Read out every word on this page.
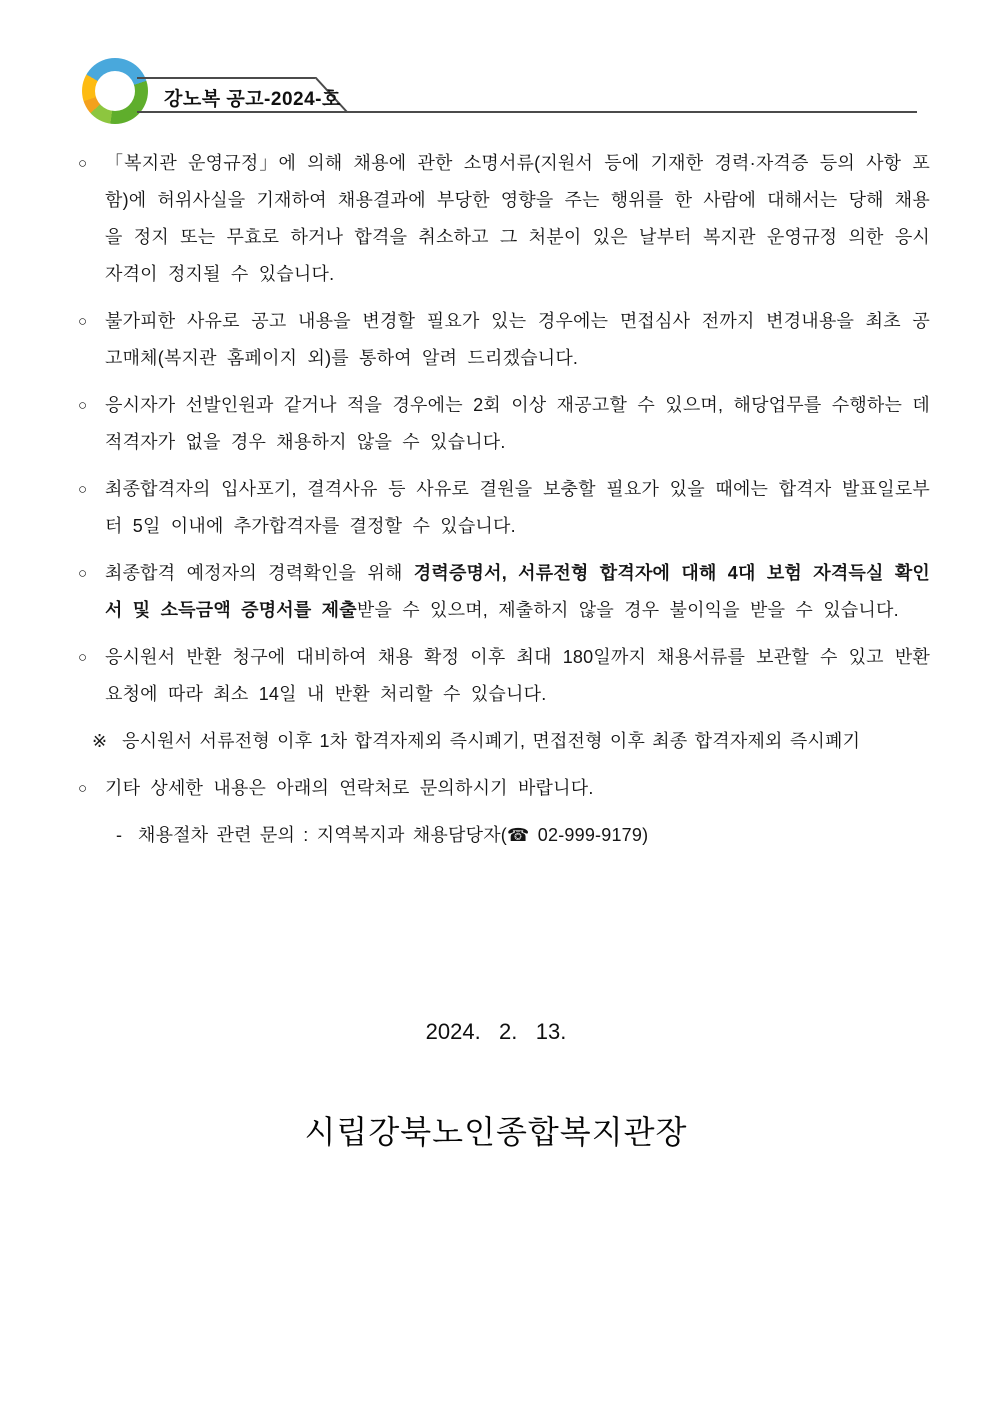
강노복 공고-2024-호
○ 「복지관 운영규정」에 의해 채용에 관한 소명서류(지원서 등에 기재한 경력·자격증 등의 사항 포함)에 허위사실을 기재하여 채용결과에 부당한 영향을 주는 행위를 한 사람에 대해서는 당해 채용을 정지 또는 무효로 하거나 합격을 취소하고 그 처분이 있은 날부터 복지관 운영규정 의한 응시자격이 정지될 수 있습니다.
○ 불가피한 사유로 공고 내용을 변경할 필요가 있는 경우에는 면접심사 전까지 변경내용을 최초 공고매체(복지관 홈페이지 외)를 통하여 알려 드리겠습니다.
○ 응시자가 선발인원과 같거나 적을 경우에는 2회 이상 재공고할 수 있으며, 해당업무를 수행하는 데 적격자가 없을 경우 채용하지 않을 수 있습니다.
○ 최종합격자의 입사포기, 결격사유 등 사유로 결원을 보충할 필요가 있을 때에는 합격자 발표일로부터 5일 이내에 추가합격자를 결정할 수 있습니다.
○ 최종합격 예정자의 경력확인을 위해 경력증명서, 서류전형 합격자에 대해 4대 보험 자격득실 확인서 및 소득금액 증명서를 제출받을 수 있으며, 제출하지 않을 경우 불이익을 받을 수 있습니다.
○ 응시원서 반환 청구에 대비하여 채용 확정 이후 최대 180일까지 채용서류를 보관할 수 있고 반환요청에 따라 최소 14일 내 반환 처리할 수 있습니다.
※ 응시원서 서류전형 이후 1차 합격자제외 즉시폐기, 면접전형 이후 최종 합격자제외 즉시폐기
○ 기타 상세한 내용은 아래의 연락처로 문의하시기 바랍니다.
- 채용절차 관련 문의 : 지역복지과 채용담당자(☎ 02-999-9179)
2024.   2.   13.
시립강북노인종합복지관장
